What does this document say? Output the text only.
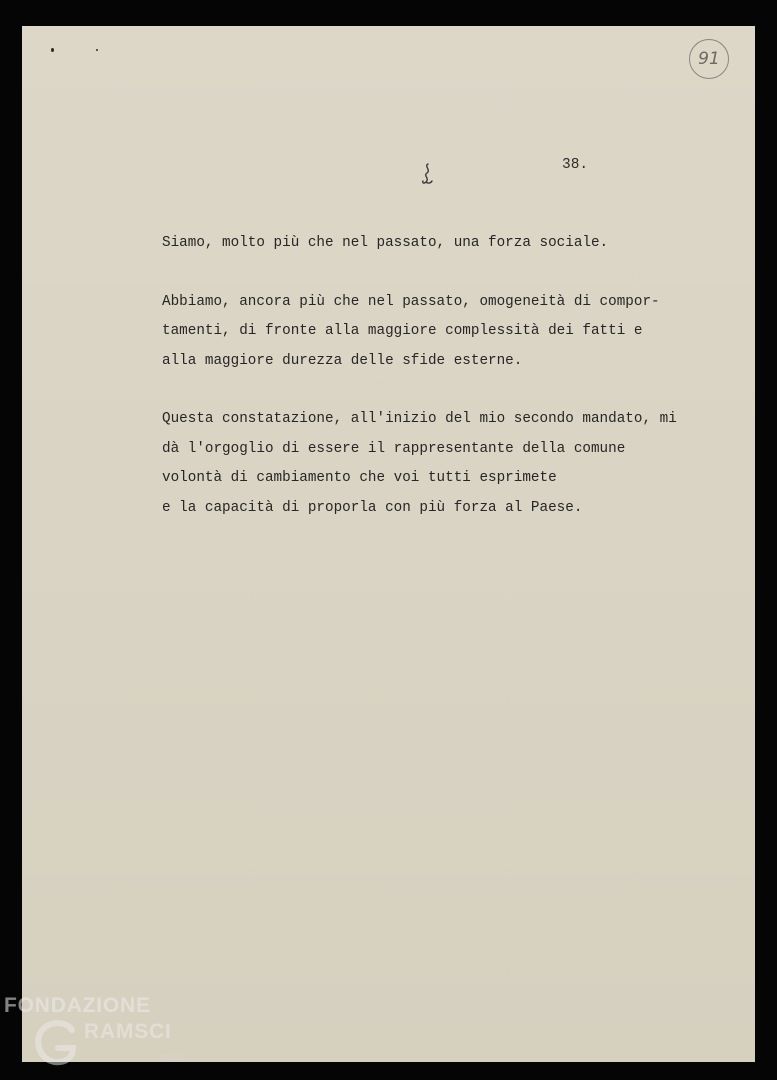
91
38.
Siamo, molto più che nel passato, una forza sociale.
Abbiamo, ancora più che nel passato, omogeneità di compor-
tamenti, di fronte alla maggiore complessità dei fatti e
alla maggiore durezza delle sfide esterne.
Questa constatazione, all'inizio del mio secondo mandato, mi
dà l'orgoglio di essere il rappresentante della comune
volontà di cambiamento che voi tutti esprimete
e la capacità di proporla con più forza al Paese.
FONDAZIONE
RAMSCI
onlus
